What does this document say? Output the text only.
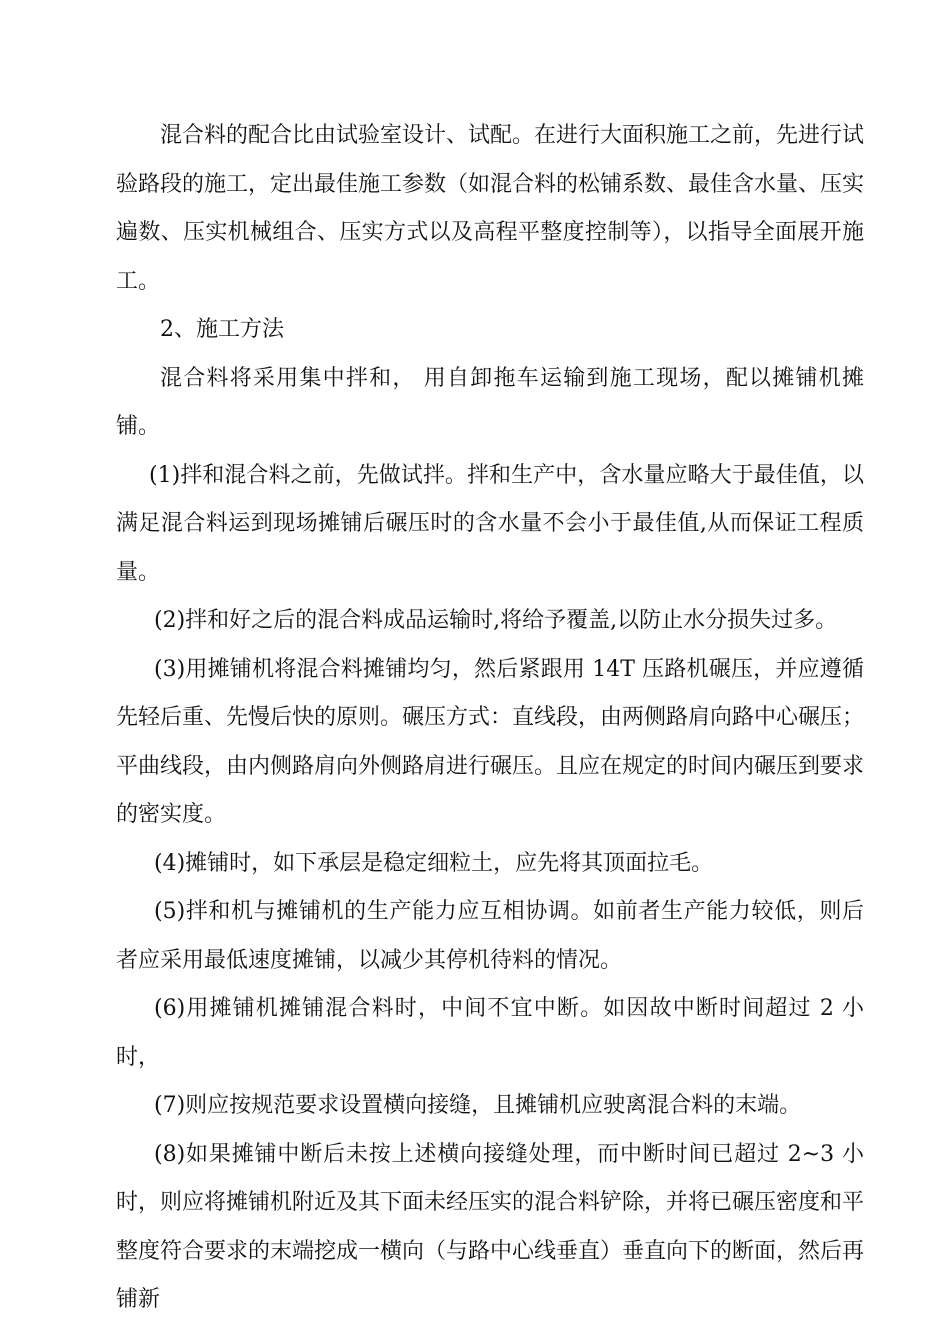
混合料的配合比由试验室设计、试配。在进行大面积施工之前，先进行试验路段的施工，定出最佳施工参数（如混合料的松铺系数、最佳含水量、压实遍数、压实机械组合、压实方式以及高程平整度控制等），以指导全面展开施工。

2、施工方法

混合料将采用集中拌和， 用自卸拖车运输到施工现场，配以摊铺机摊铺。

(1)拌和混合料之前，先做试拌。拌和生产中，含水量应略大于最佳值，以满足混合料运到现场摊铺后碾压时的含水量不会小于最佳值,从而保证工程质量。

(2)拌和好之后的混合料成品运输时,将给予覆盖,以防止水分损失过多。

(3)用摊铺机将混合料摊铺均匀，然后紧跟用 14T 压路机碾压，并应遵循先轻后重、先慢后快的原则。碾压方式：直线段，由两侧路肩向路中心碾压；平曲线段，由内侧路肩向外侧路肩进行碾压。且应在规定的时间内碾压到要求的密实度。

(4)摊铺时，如下承层是稳定细粒土，应先将其顶面拉毛。

(5)拌和机与摊铺机的生产能力应互相协调。如前者生产能力较低，则后者应采用最低速度摊铺，以减少其停机待料的情况。

(6)用摊铺机摊铺混合料时，中间不宜中断。如因故中断时间超过 2 小时，

(7)则应按规范要求设置横向接缝，且摊铺机应驶离混合料的末端。

(8)如果摊铺中断后未按上述横向接缝处理，而中断时间已超过 2~3 小时，则应将摊铺机附近及其下面未经压实的混合料铲除，并将已碾压密度和平整度符合要求的末端挖成一横向（与路中心线垂直）垂直向下的断面，然后再铺新
